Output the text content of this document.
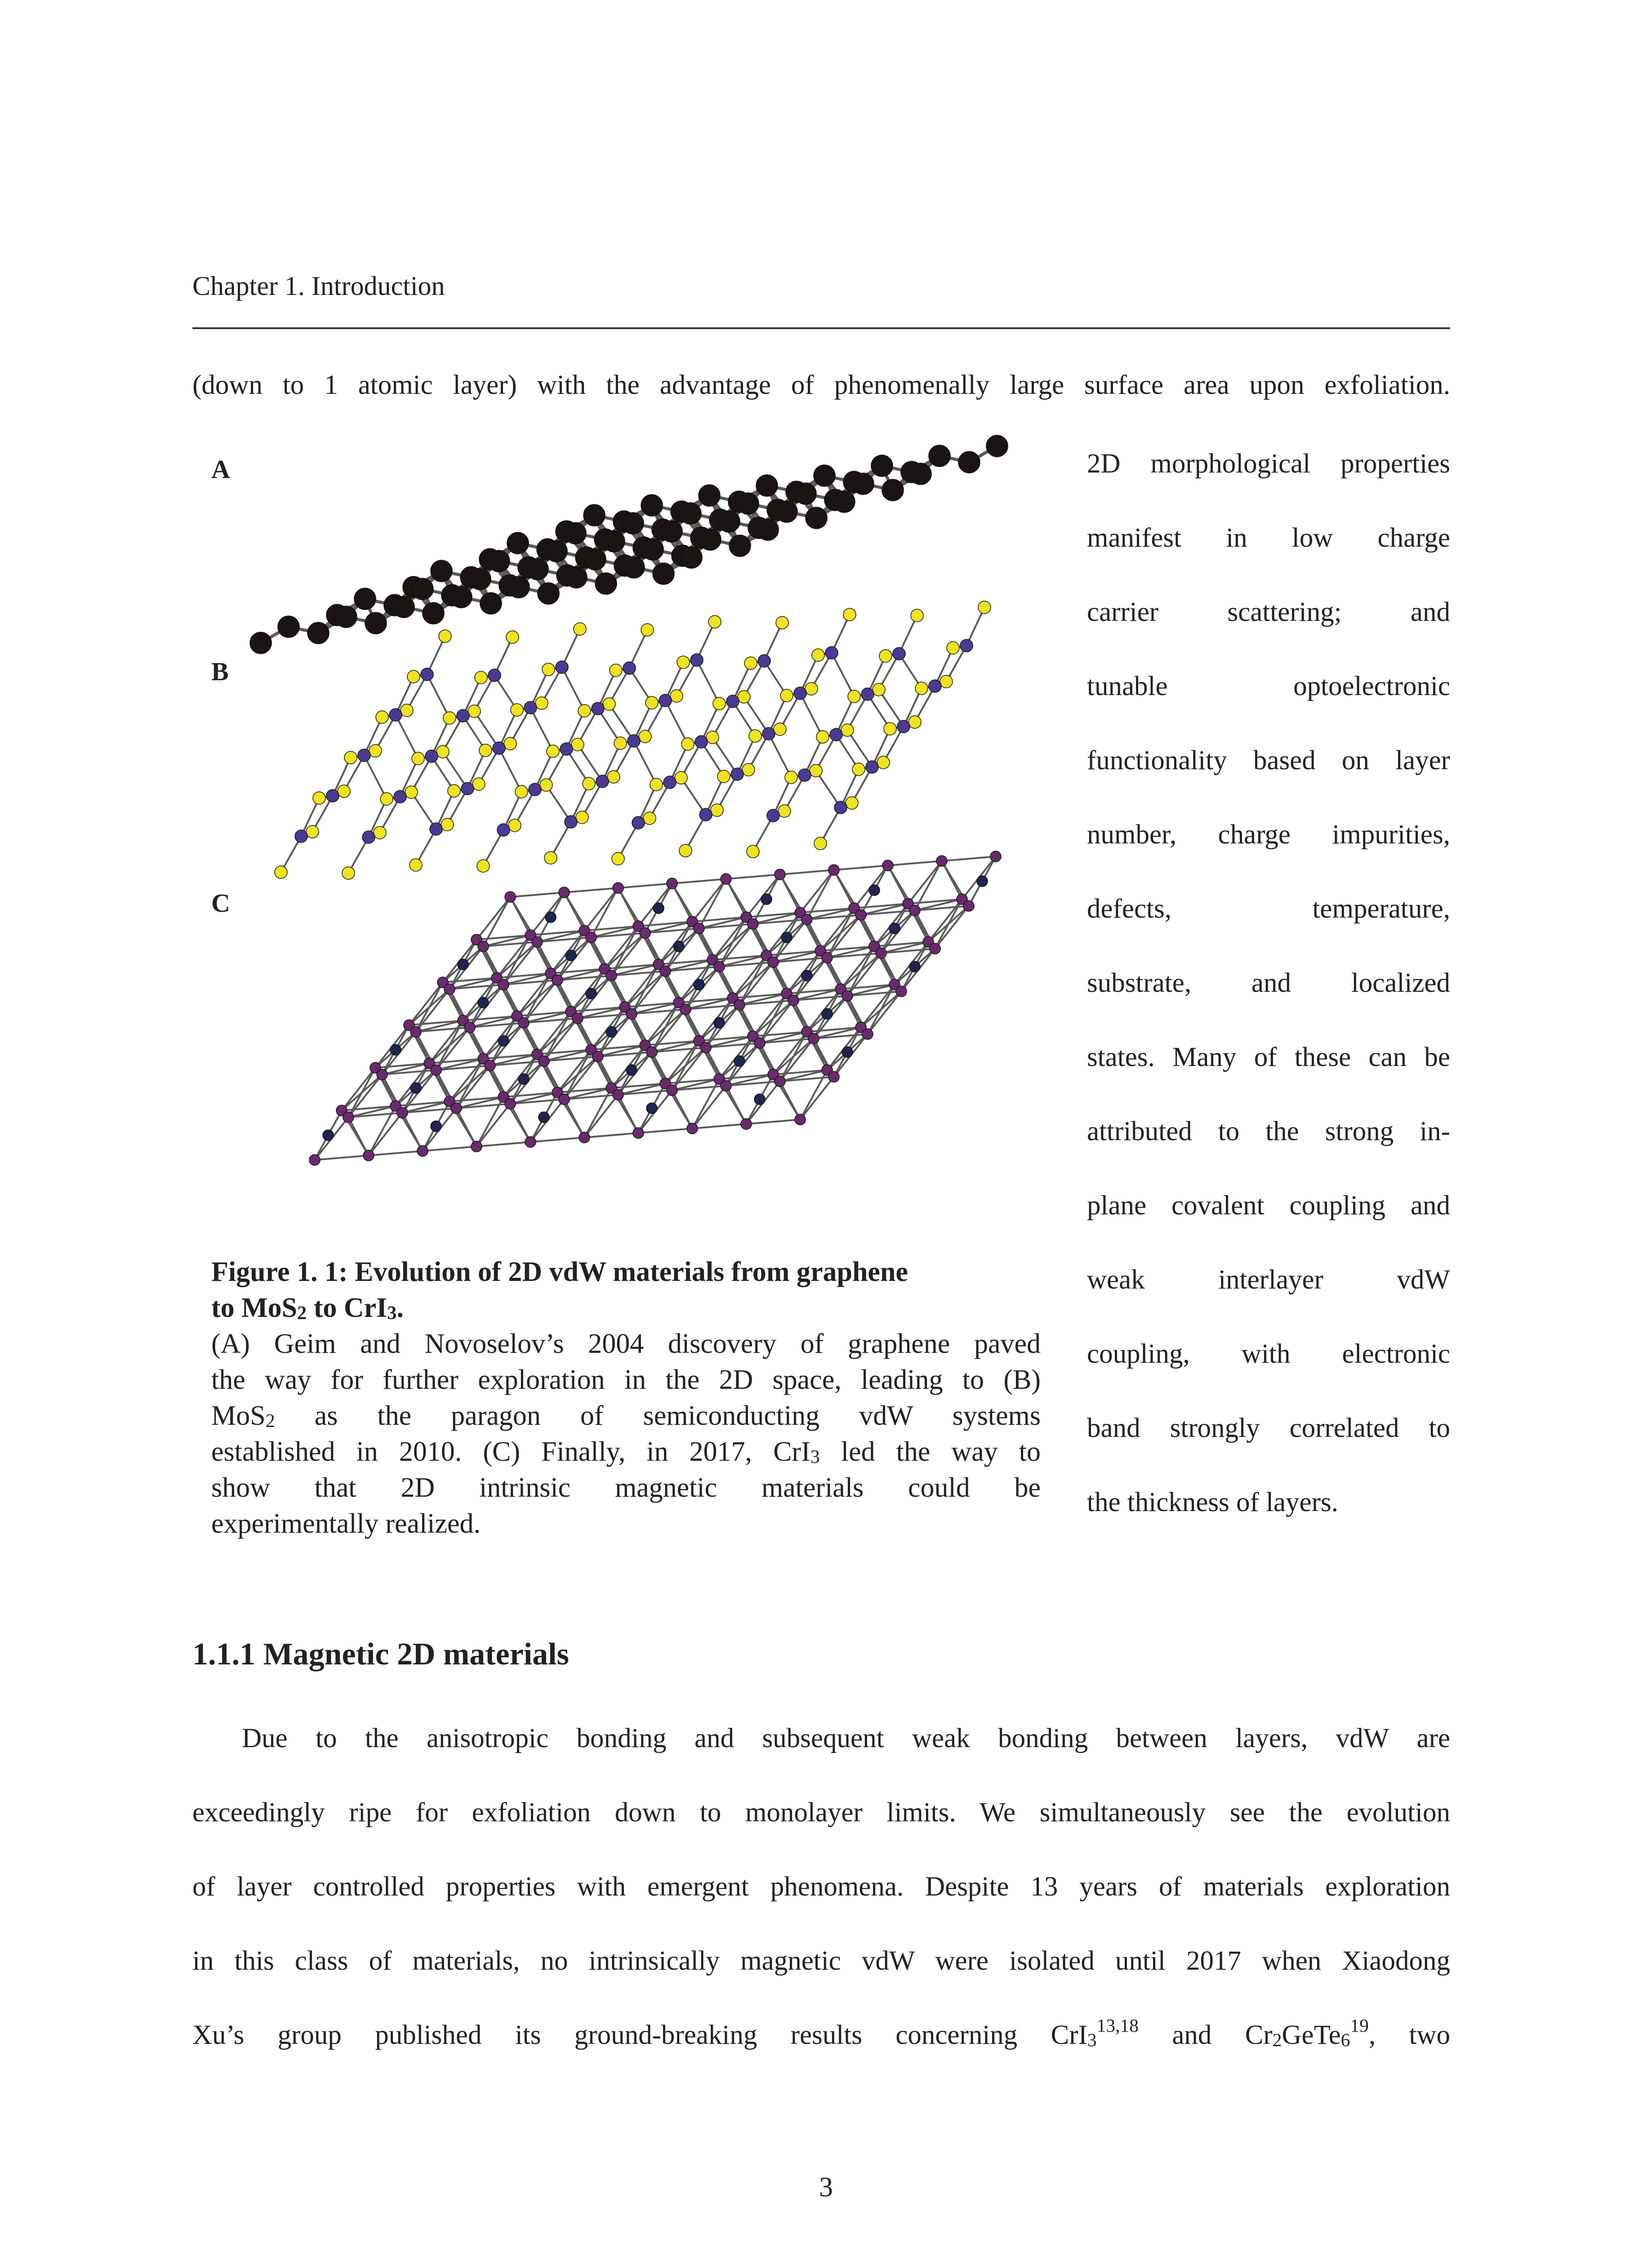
Chapter 1. Introduction
(down to 1 atomic layer) with the advantage of phenomenally large surface area upon exfoliation.
A
B
C
Figure 1. 1: Evolution of 2D vdW materials from graphene
to MoS$_2$ to CrI$_3$.
(A) Geim and Novoselov’s 2004 discovery of graphene paved
the way for further exploration in the 2D space, leading to (B)
MoS$_2$ as the paragon of semiconducting vdW systems
established in 2010. (C) Finally, in 2017, CrI$_3$ led the way to
show that 2D intrinsic magnetic materials could be
experimentally realized.
2D morphological properties
manifest in low charge
carrier scattering; and
tunable optoelectronic
functionality based on layer
number, charge impurities,
defects, temperature,
substrate, and localized
states. Many of these can be
attributed to the strong in-
plane covalent coupling and
weak interlayer vdW
coupling, with electronic
band strongly correlated to
the thickness of layers.
1.1.1 Magnetic 2D materials
Due to the anisotropic bonding and subsequent weak bonding between layers, vdW are
exceedingly ripe for exfoliation down to monolayer limits. We simultaneously see the evolution
of layer controlled properties with emergent phenomena. Despite 13 years of materials exploration
in this class of materials, no intrinsically magnetic vdW were isolated until 2017 when Xiaodong
Xu’s group published its ground-breaking results concerning CrI$_3^{13,18}$ and $Cr_2GeTe_6^{19}$, two
3
